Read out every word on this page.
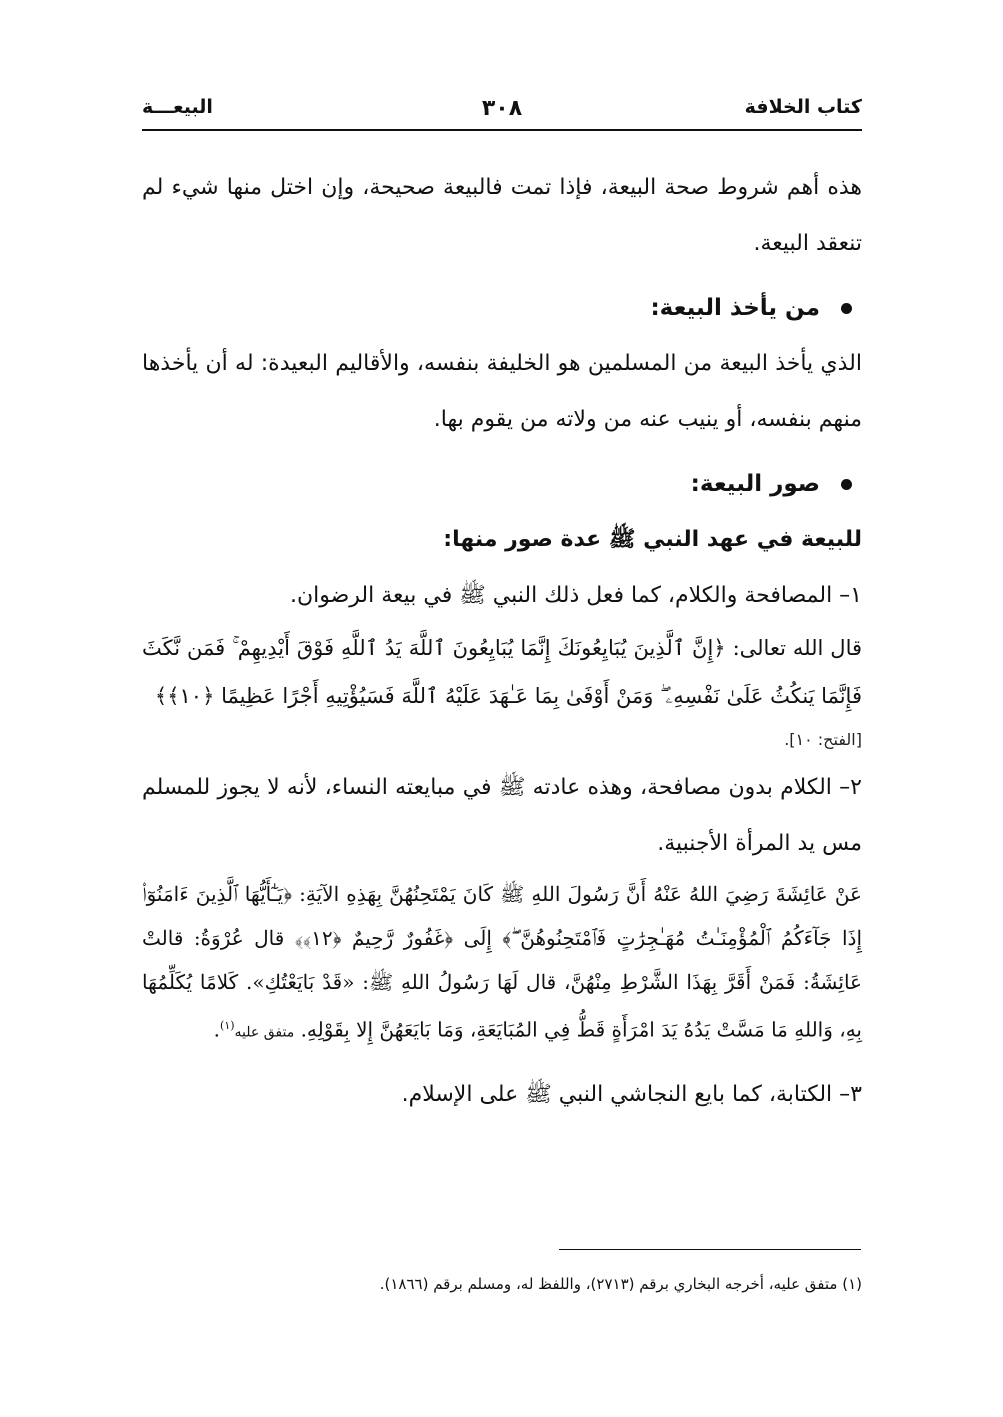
كتاب الخلافة
٣٠٨
البيعـــة

هذه أهم شروط صحة البيعة، فإذا تمت فالبيعة صحيحة، وإن اختل منها شيء لم تنعقد البيعة.

من يأخذ البيعة:

الذي يأخذ البيعة من المسلمين هو الخليفة بنفسه، والأقاليم البعيدة: له أن يأخذها منهم بنفسه، أو ينيب عنه من ولاته من يقوم بها.

صور البيعة:

للبيعة في عهد النبي ﷺ عدة صور منها:

١– المصافحة والكلام، كما فعل ذلك النبي ﷺ في بيعة الرضوان.

قال الله تعالى: ﴿إِنَّ ٱلَّذِينَ يُبَايِعُونَكَ إِنَّمَا يُبَايِعُونَ ٱللَّهَ يَدُ ٱللَّهِ فَوْقَ أَيْدِيهِمْ ۚ فَمَن نَّكَثَ فَإِنَّمَا يَنكُثُ عَلَىٰ نَفْسِهِۦ ۖ وَمَنْ أَوْفَىٰ بِمَا عَـٰهَدَ عَلَيْهُ ٱللَّهَ فَسَيُؤْتِيهِ أَجْرًا عَظِيمًا ﴿١٠﴾﴾

[الفتح: ١٠].

٢– الكلام بدون مصافحة، وهذه عادته ﷺ في مبايعته النساء، لأنه لا يجوز للمسلم مس يد المرأة الأجنبية.

عَنْ عَائِشَةَ رَضِيَ اللهُ عَنْهُ أَنَّ رَسُولَ اللهِ ﷺ كَانَ يَمْتَحِنُهُنَّ بِهَذِهِ الآيَةِ: ﴿يَـٰٓأَيُّهَا ٱلَّذِينَ ءَامَنُوٓا۟ إِذَا جَآءَكُمُ ٱلْمُؤْمِنَـٰتُ مُهَـٰجِرَٰتٍ فَٱمْتَحِنُوهُنَّ ۖ﴾ إِلَى ﴿غَفُورٌ رَّحِيمٌ ﴿١٢﴾﴾ قال عُرْوَةُ: قالتْ عَائِشَةُ: فَمَنْ أَقَرَّ بِهَذَا الشَّرْطِ مِنْهُنَّ، قال لَهَا رَسُولُ اللهِ ﷺ: «قَدْ بَايَعْتُكِ». كَلامًا يُكَلِّمُهَا بِهِ، وَاللهِ مَا مَسَّتْ يَدُهُ يَدَ امْرَأَةٍ قَطُّ فِي المُبَايَعَةِ، وَمَا بَايَعَهُنَّ إِلا بِقَوْلِهِ. متفق عليه$^{(١)}$.

٣– الكتابة، كما بايع النجاشي النبي ﷺ على الإسلام.

(١) متفق عليه، أخرجه البخاري برقم (٢٧١٣)، واللفظ له، ومسلم برقم (١٨٦٦).
